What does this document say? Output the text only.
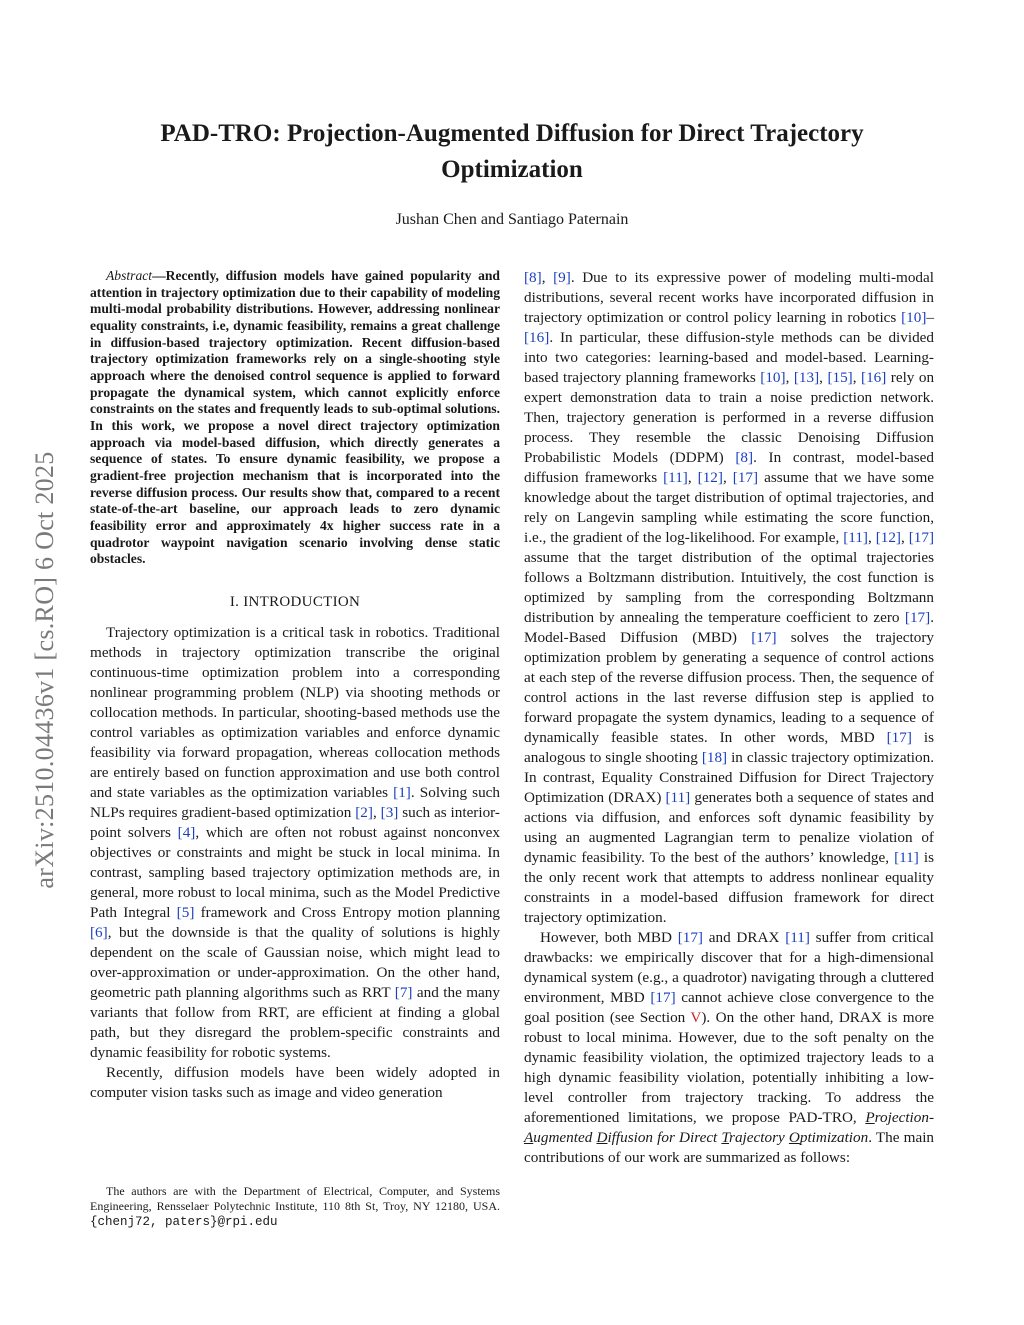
arXiv:2510.04436v1 [cs.RO] 6 Oct 2025
PAD-TRO: Projection-Augmented Diffusion for Direct Trajectory Optimization
Jushan Chen and Santiago Paternain

Abstract—Recently, diffusion models have gained popularity and attention in trajectory optimization due to their capability of modeling multi-modal probability distributions. However, addressing nonlinear equality constraints, i.e, dynamic feasibility, remains a great challenge in diffusion-based trajectory optimization. Recent diffusion-based trajectory optimization frameworks rely on a single-shooting style approach where the denoised control sequence is applied to forward propagate the dynamical system, which cannot explicitly enforce constraints on the states and frequently leads to sub-optimal solutions. In this work, we propose a novel direct trajectory optimization approach via model-based diffusion, which directly generates a sequence of states. To ensure dynamic feasibility, we propose a gradient-free projection mechanism that is incorporated into the reverse diffusion process. Our results show that, compared to a recent state-of-the-art baseline, our approach leads to zero dynamic feasibility error and approximately 4x higher success rate in a quadrotor waypoint navigation scenario involving dense static obstacles.

I. INTRODUCTION

Trajectory optimization is a critical task in robotics. Traditional methods in trajectory optimization transcribe the original continuous-time optimization problem into a corresponding nonlinear programming problem (NLP) via shooting methods or collocation methods. In particular, shooting-based methods use the control variables as optimization variables and enforce dynamic feasibility via forward propagation, whereas collocation methods are entirely based on function approximation and use both control and state variables as the optimization variables [1]. Solving such NLPs requires gradient-based optimization [2], [3] such as interior-point solvers [4], which are often not robust against nonconvex objectives or constraints and might be stuck in local minima. In contrast, sampling based trajectory optimization methods are, in general, more robust to local minima, such as the Model Predictive Path Integral [5] framework and Cross Entropy motion planning [6], but the downside is that the quality of solutions is highly dependent on the scale of Gaussian noise, which might lead to over-approximation or under-approximation. On the other hand, geometric path planning algorithms such as RRT [7] and the many variants that follow from RRT, are efficient at finding a global path, but they disregard the problem-specific constraints and dynamic feasibility for robotic systems.

Recently, diffusion models have been widely adopted in computer vision tasks such as image and video generation

[8], [9]. Due to its expressive power of modeling multi-modal distributions, several recent works have incorporated diffusion in trajectory optimization or control policy learning in robotics [10]–[16]. In particular, these diffusion-style methods can be divided into two categories: learning-based and model-based. Learning-based trajectory planning frameworks [10], [13], [15], [16] rely on expert demonstration data to train a noise prediction network. Then, trajectory generation is performed in a reverse diffusion process. They resemble the classic Denoising Diffusion Probabilistic Models (DDPM) [8]. In contrast, model-based diffusion frameworks [11], [12], [17] assume that we have some knowledge about the target distribution of optimal trajectories, and rely on Langevin sampling while estimating the score function, i.e., the gradient of the log-likelihood. For example, [11], [12], [17] assume that the target distribution of the optimal trajectories follows a Boltzmann distribution. Intuitively, the cost function is optimized by sampling from the corresponding Boltzmann distribution by annealing the temperature coefficient to zero [17]. Model-Based Diffusion (MBD) [17] solves the trajectory optimization problem by generating a sequence of control actions at each step of the reverse diffusion process. Then, the sequence of control actions in the last reverse diffusion step is applied to forward propagate the system dynamics, leading to a sequence of dynamically feasible states. In other words, MBD [17] is analogous to single shooting [18] in classic trajectory optimization. In contrast, Equality Constrained Diffusion for Direct Trajectory Optimization (DRAX) [11] generates both a sequence of states and actions via diffusion, and enforces soft dynamic feasibility by using an augmented Lagrangian term to penalize violation of dynamic feasibility. To the best of the authors’ knowledge, [11] is the only recent work that attempts to address nonlinear equality constraints in a model-based diffusion framework for direct trajectory optimization.

However, both MBD [17] and DRAX [11] suffer from critical drawbacks: we empirically discover that for a high-dimensional dynamical system (e.g., a quadrotor) navigating through a cluttered environment, MBD [17] cannot achieve close convergence to the goal position (see Section V). On the other hand, DRAX is more robust to local minima. However, due to the soft penalty on the dynamic feasibility violation, the optimized trajectory leads to a high dynamic feasibility violation, potentially inhibiting a low-level controller from trajectory tracking. To address the aforementioned limitations, we propose PAD-TRO, Projection-Augmented Diffusion for Direct Trajectory Optimization. The main contributions of our work are summarized as follows:

The authors are with the Department of Electrical, Computer, and Systems Engineering, Rensselaer Polytechnic Institute, 110 8th St, Troy, NY 12180, USA. {chenj72, paters}@rpi.edu
